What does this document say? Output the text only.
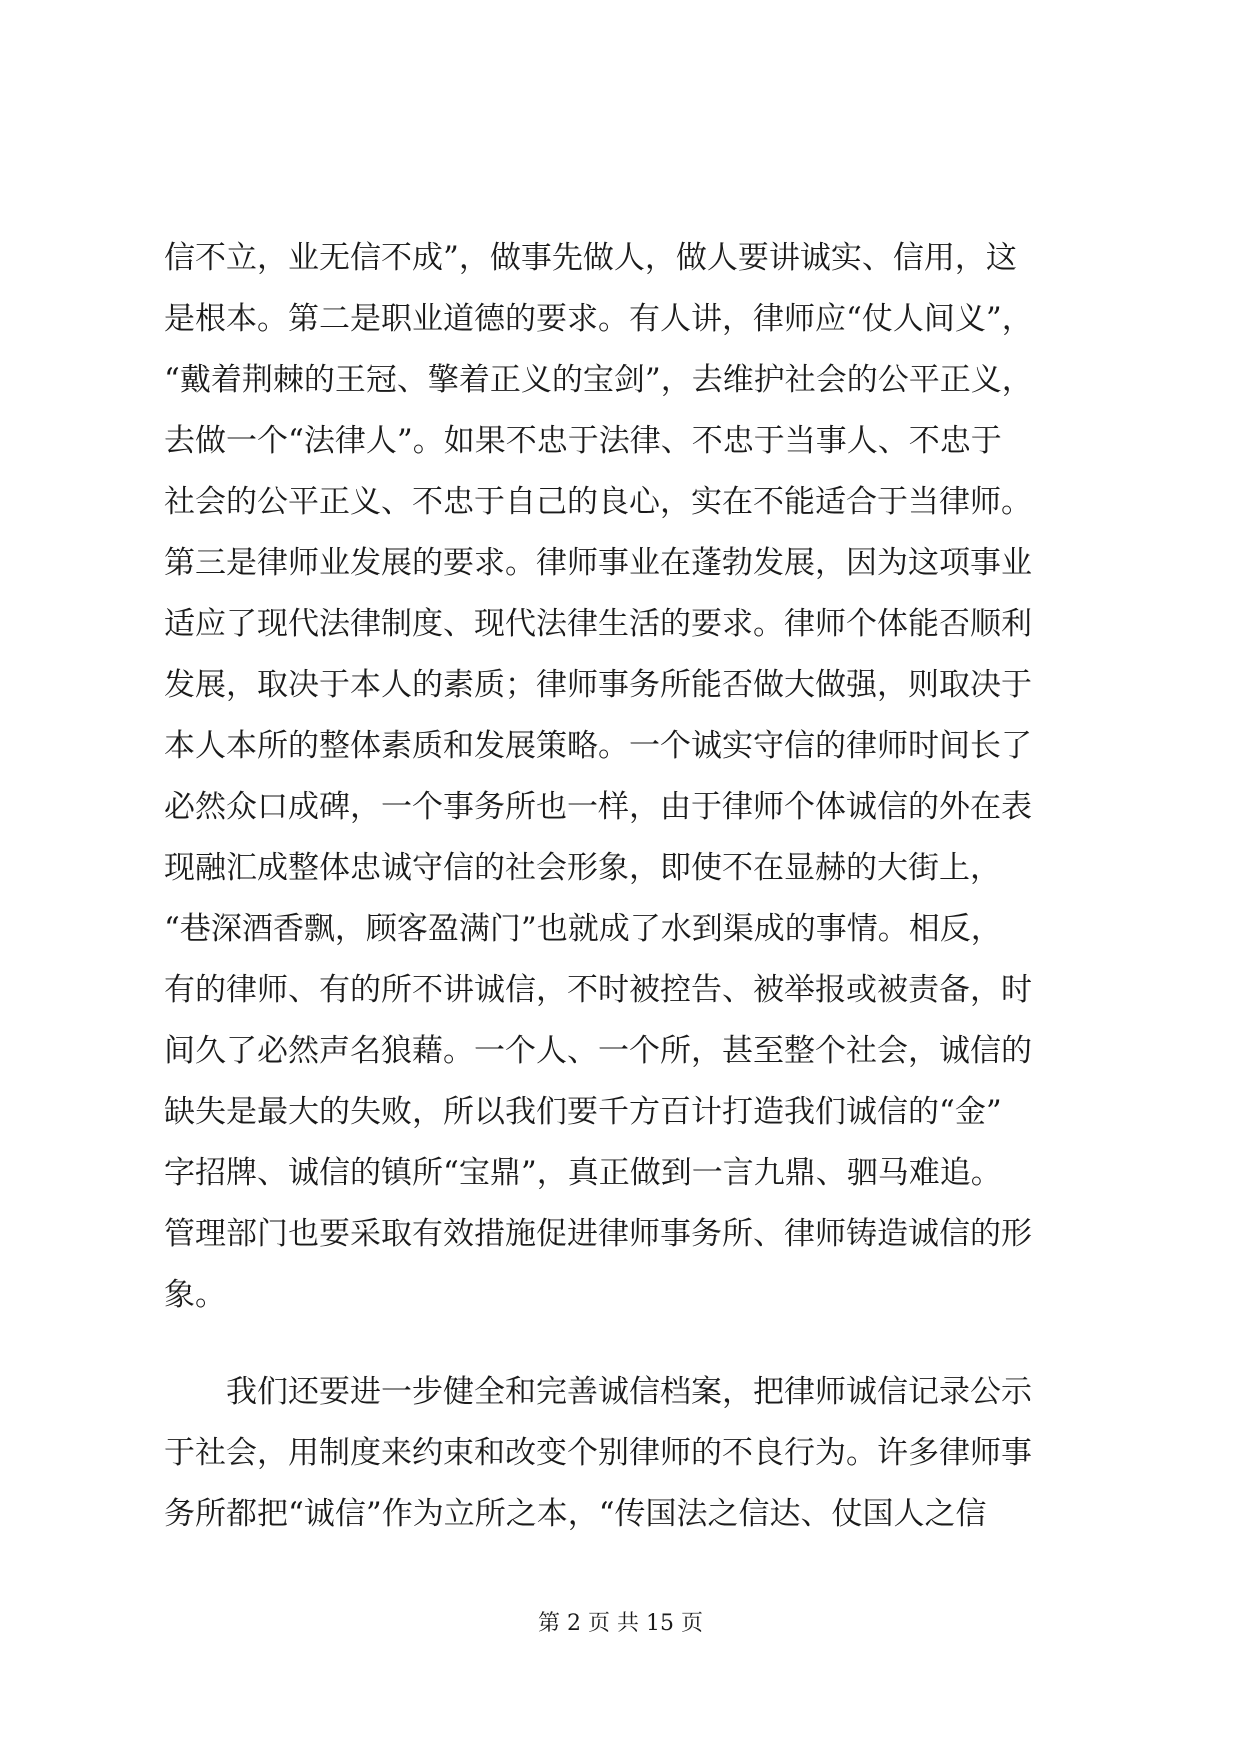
信不立，业无信不成”，做事先做人，做人要讲诚实、信用，这
是根本。第二是职业道德的要求。有人讲，律师应“仗人间义”，
“戴着荆棘的王冠、擎着正义的宝剑”，去维护社会的公平正义，
去做一个“法律人”。如果不忠于法律、不忠于当事人、不忠于
社会的公平正义、不忠于自己的良心，实在不能适合于当律师。
第三是律师业发展的要求。律师事业在蓬勃发展，因为这项事业
适应了现代法律制度、现代法律生活的要求。律师个体能否顺利
发展，取决于本人的素质；律师事务所能否做大做强，则取决于
本人本所的整体素质和发展策略。一个诚实守信的律师时间长了
必然众口成碑，一个事务所也一样，由于律师个体诚信的外在表
现融汇成整体忠诚守信的社会形象，即使不在显赫的大街上，
“巷深酒香飘，顾客盈满门”也就成了水到渠成的事情。相反，
有的律师、有的所不讲诚信，不时被控告、被举报或被责备，时
间久了必然声名狼藉。一个人、一个所，甚至整个社会，诚信的
缺失是最大的失败，所以我们要千方百计打造我们诚信的“金”
字招牌、诚信的镇所“宝鼎”，真正做到一言九鼎、驷马难追。
管理部门也要采取有效措施促进律师事务所、律师铸造诚信的形
象。
我们还要进一步健全和完善诚信档案，把律师诚信记录公示
于社会，用制度来约束和改变个别律师的不良行为。许多律师事
务所都把“诚信”作为立所之本，“传国法之信达、仗国人之信
第 2 页 共 15 页
